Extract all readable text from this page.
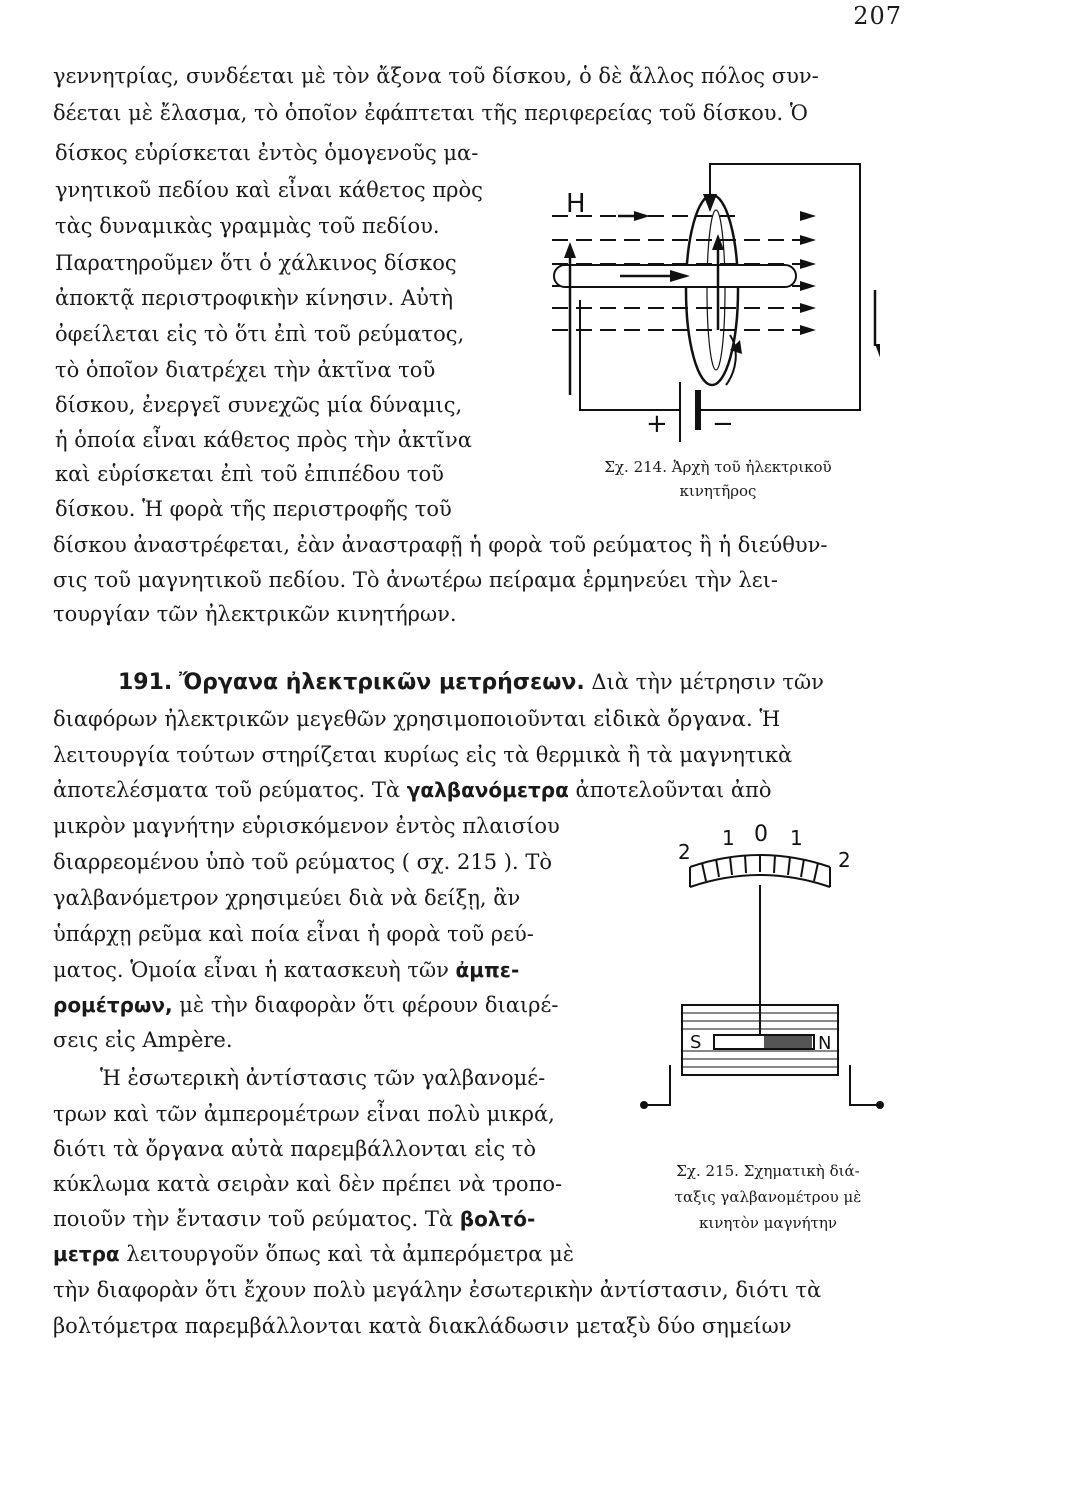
207
γεννητρίας, συνδέεται μὲ τὸν ἄξονα τοῦ δίσκου, ὁ δὲ ἄλλος πόλος συν-
δέεται μὲ ἔλασμα, τὸ ὁποῖον ἐφάπτεται τῆς περιφερείας τοῦ δίσκου. Ὁ
δίσκος εὑρίσκεται ἐντὸς ὁμογενοῦς μα-
γνητικοῦ πεδίου καὶ εἶναι κάθετος πρὸς
τὰς δυναμικὰς γραμμὰς τοῦ πεδίου.
Παρατηροῦμεν ὅτι ὁ χάλκινος δίσκος
ἀποκτᾷ περιστροφικὴν κίνησιν. Αὐτὴ
ὀφείλεται εἰς τὸ ὅτι ἐπὶ τοῦ ρεύματος,
τὸ ὁποῖον διατρέχει τὴν ἀκτῖνα τοῦ
δίσκου, ἐνεργεῖ συνεχῶς μία δύναμις,
ἡ ὁποία εἶναι κάθετος πρὸς τὴν ἀκτῖνα
καὶ εὑρίσκεται ἐπὶ τοῦ ἐπιπέδου τοῦ
δίσκου. Ἡ φορὰ τῆς περιστροφῆς τοῦ
δίσκου ἀναστρέφεται, ἐὰν ἀναστραφῇ ἡ φορὰ τοῦ ρεύματος ἢ ἡ διεύθυν-
σις τοῦ μαγνητικοῦ πεδίου. Τὸ ἀνωτέρω πείραμα ἑρμηνεύει τὴν λει-
τουργίαν τῶν ἠλεκτρικῶν κινητήρων.
H
+ −
Σχ. 214. Ἀρχὴ τοῦ ἠλεκτρικοῦ
κινητῆρος
191. Ὄργανα ἠλεκτρικῶν μετρήσεων. Διὰ τὴν μέτρησιν τῶν
διαφόρων ἠλεκτρικῶν μεγεθῶν χρησιμοποιοῦνται εἰδικὰ ὄργανα. Ἡ
λειτουργία τούτων στηρίζεται κυρίως εἰς τὰ θερμικὰ ἢ τὰ μαγνητικὰ
ἀποτελέσματα τοῦ ρεύματος. Τὰ γαλβανόμετρα ἀποτελοῦνται ἀπὸ
μικρὸν μαγνήτην εὑρισκόμενον ἐντὸς πλαισίου
διαρρεομένου ὑπὸ τοῦ ρεύματος ( σχ. 215 ). Τὸ
γαλβανόμετρον χρησιμεύει διὰ νὰ δείξῃ, ἂν
ὑπάρχῃ ρεῦμα καὶ ποία εἶναι ἡ φορὰ τοῦ ρεύ-
ματος. Ὁμοία εἶναι ἡ κατασκευὴ τῶν ἀμπε-
ρομέτρων, μὲ τὴν διαφορὰν ὅτι φέρουν διαιρέ-
σεις εἰς Ampère.
Ἡ ἐσωτερικὴ ἀντίστασις τῶν γαλβανομέ-
τρων καὶ τῶν ἀμπερομέτρων εἶναι πολὺ μικρά,
διότι τὰ ὄργανα αὐτὰ παρεμβάλλονται εἰς τὸ
κύκλωμα κατὰ σειρὰν καὶ δὲν πρέπει νὰ τροπο-
ποιοῦν τὴν ἔντασιν τοῦ ρεύματος. Τὰ βολτό-
μετρα λειτουργοῦν ὅπως καὶ τὰ ἀμπερόμετρα μὲ
τὴν διαφορὰν ὅτι ἔχουν πολὺ μεγάλην ἐσωτερικὴν ἀντίστασιν, διότι τὰ
βολτόμετρα παρεμβάλλονται κατὰ διακλάδωσιν μεταξὺ δύο σημείων
2
1 0 1
2
S	N
Σχ. 215. Σχηματικὴ διά-
ταξις γαλβανομέτρου μὲ
κινητὸν μαγνήτην
